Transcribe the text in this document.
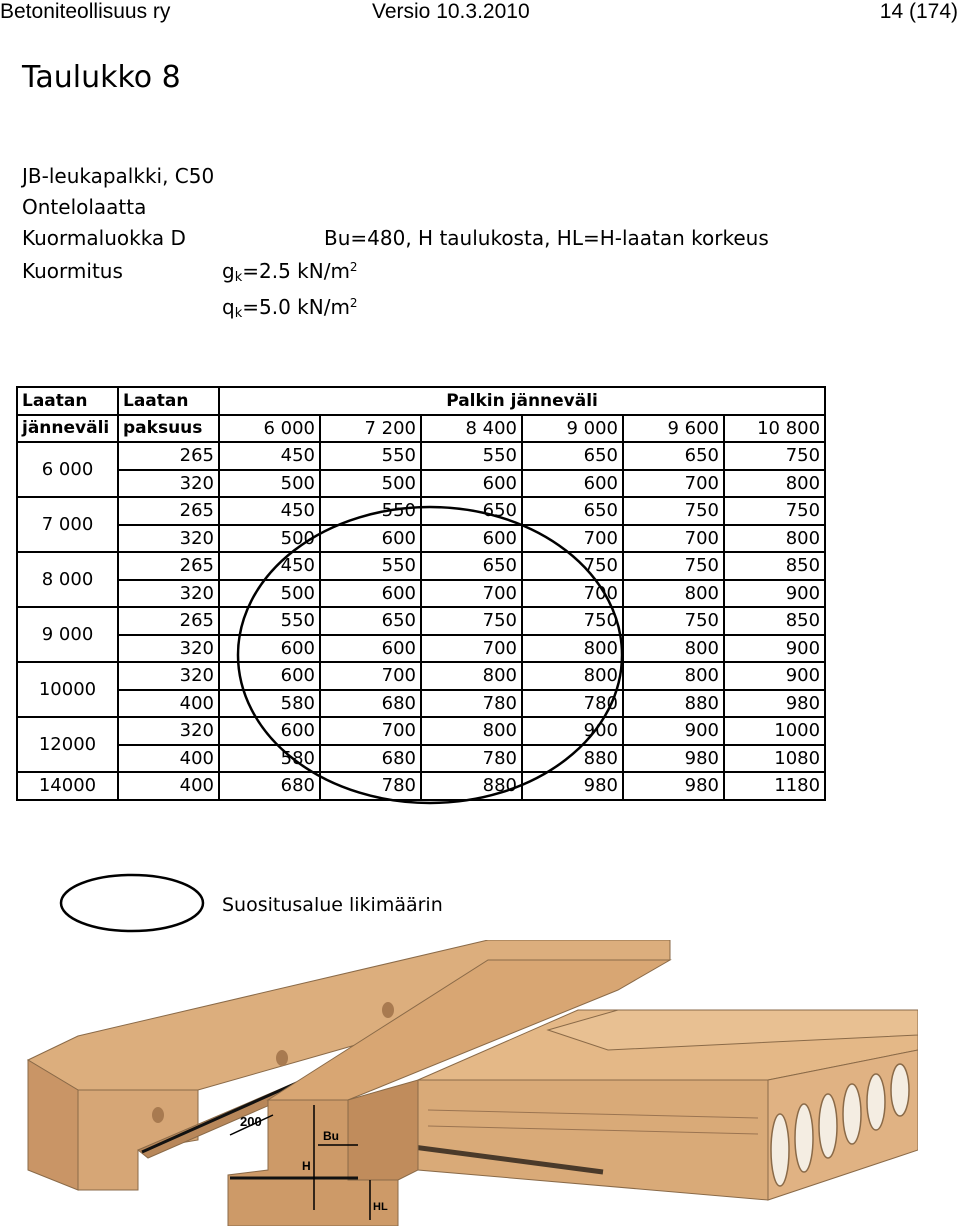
Betoniteollisuus ry	Versio 10.3.2010	14 (174)
Taulukko 8
JB-leukapalkki, C50
Ontelolaatta
Kuormaluokka D	Bu=480, H taulukosta, HL=H-laatan korkeus
Kuormitus	$g_k=2.5$ $kN/m^2$
$q_k=5.0$ $kN/m^2$
Laatan	Laatan	Palkin jänneväli					
jänneväli	paksuus	6 000	7 200	8 400	9 000	9 600	10 800
6 000	265	450	550	550	650	650	750
	320	500	500	600	600	700	800
7 000	265	450	550	650	650	750	750
	320	500	600	600	700	700	800
8 000	265	450	550	650	750	750	850
	320	500	600	700	700	800	900
9 000	265	550	650	750	750	750	850
	320	600	600	700	800	800	900
10000	320	600	700	800	800	800	900
	400	580	680	780	780	880	980
12000	320	600	700	800	900	900	1000
	400	580	680	780	880	980	1080
14000	400	680	780	880	980	980	1180
Suositusalue likimäärin
200
Bu
H
HL
